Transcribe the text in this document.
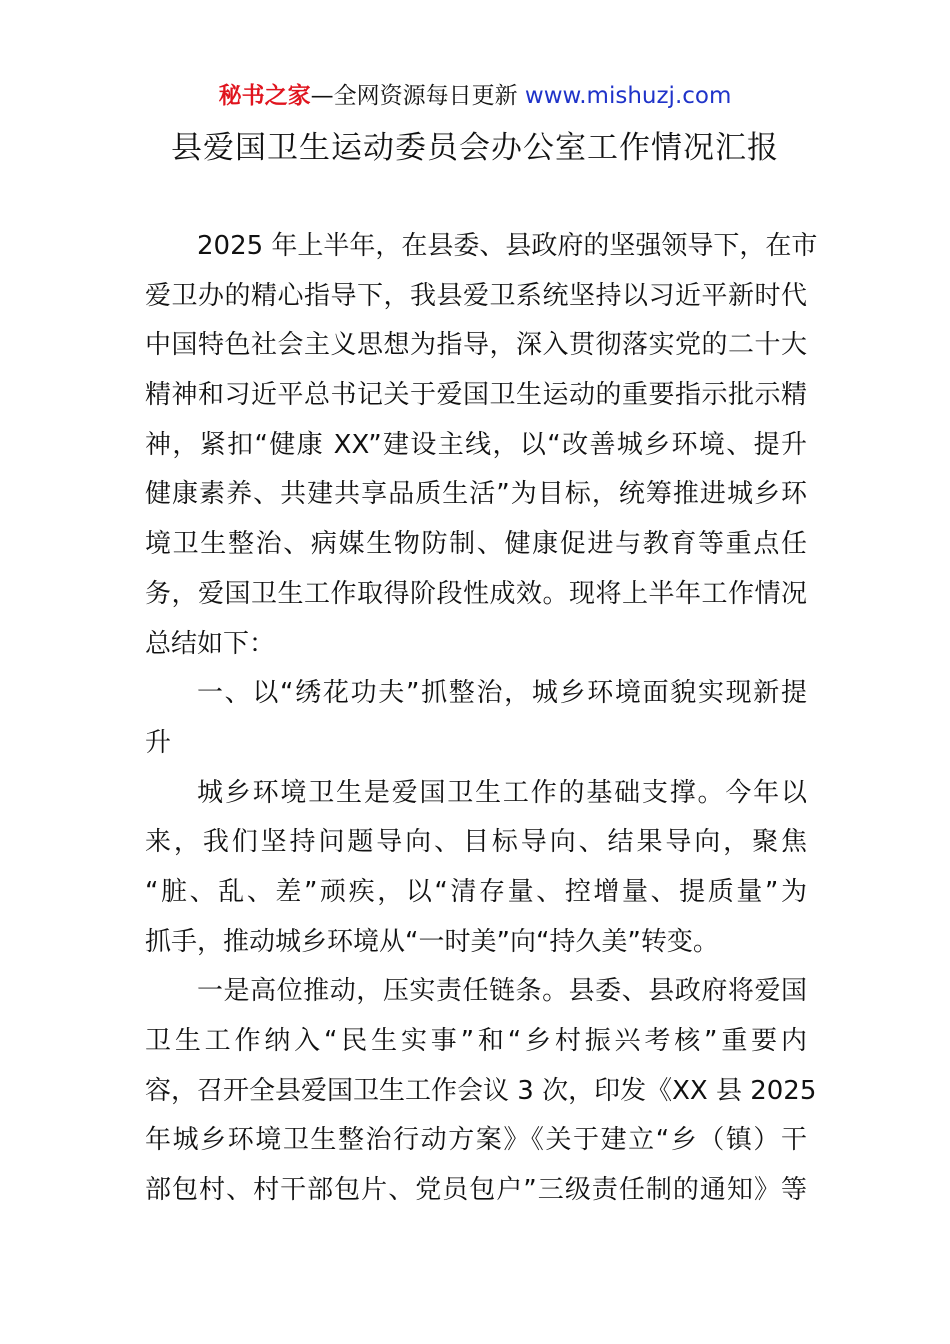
秘书之家—全网资源每日更新 www.mishuzj.com
县爱国卫生运动委员会办公室工作情况汇报
2025 年上半年，在县委、县政府的坚强领导下，在市
爱卫办的精心指导下，我县爱卫系统坚持以习近平新时代
中国特色社会主义思想为指导，深入贯彻落实党的二十大
精神和习近平总书记关于爱国卫生运动的重要指示批示精
神，紧扣“健康 XX”建设主线，以“改善城乡环境、提升
健康素养、共建共享品质生活”为目标，统筹推进城乡环
境卫生整治、病媒生物防制、健康促进与教育等重点任
务，爱国卫生工作取得阶段性成效。现将上半年工作情况
总结如下：
一、以“绣花功夫”抓整治，城乡环境面貌实现新提
升
城乡环境卫生是爱国卫生工作的基础支撑。今年以
来，我们坚持问题导向、目标导向、结果导向，聚焦
“脏、乱、差”顽疾，以“清存量、控增量、提质量”为
抓手，推动城乡环境从“一时美”向“持久美”转变。
一是高位推动，压实责任链条。县委、县政府将爱国
卫生工作纳入“民生实事”和“乡村振兴考核”重要内
容，召开全县爱国卫生工作会议 3 次，印发《XX 县 2025
年城乡环境卫生整治行动方案》《关于建立“乡（镇）干
部包村、村干部包片、党员包户”三级责任制的通知》等
